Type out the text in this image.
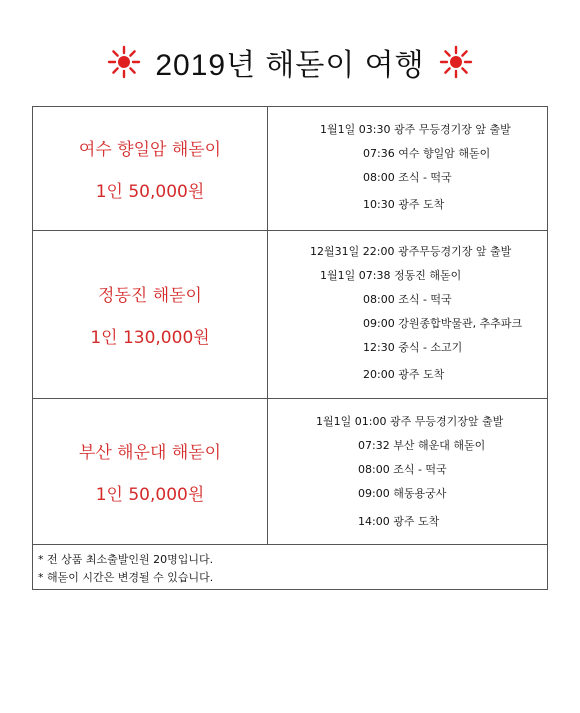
2019년 해돋이 여행
여수 향일암 해돋이
1인 50,000원
1월1일 03:30 광주 무등경기장 앞 출발
07:36 여수 향일암 해돋이
08:00 조식 - 떡국
10:30 광주 도착
정동진 해돋이
1인 130,000원
12월31일 22:00 광주무등경기장 앞 출발
1월1일 07:38 정동진 해돋이
08:00 조식 - 떡국
09:00 강원종합박물관, 추추파크
12:30 중식 - 소고기
20:00 광주 도착
부산 해운대 해돋이
1인 50,000원
1월1일 01:00 광주 무등경기장앞 출발
07:32 부산 해운대 해돋이
08:00 조식 - 떡국
09:00 해동용궁사
14:00 광주 도착
* 전 상품 최소출발인원 20명입니다.
* 해돋이 시간은 변경될 수 있습니다.
